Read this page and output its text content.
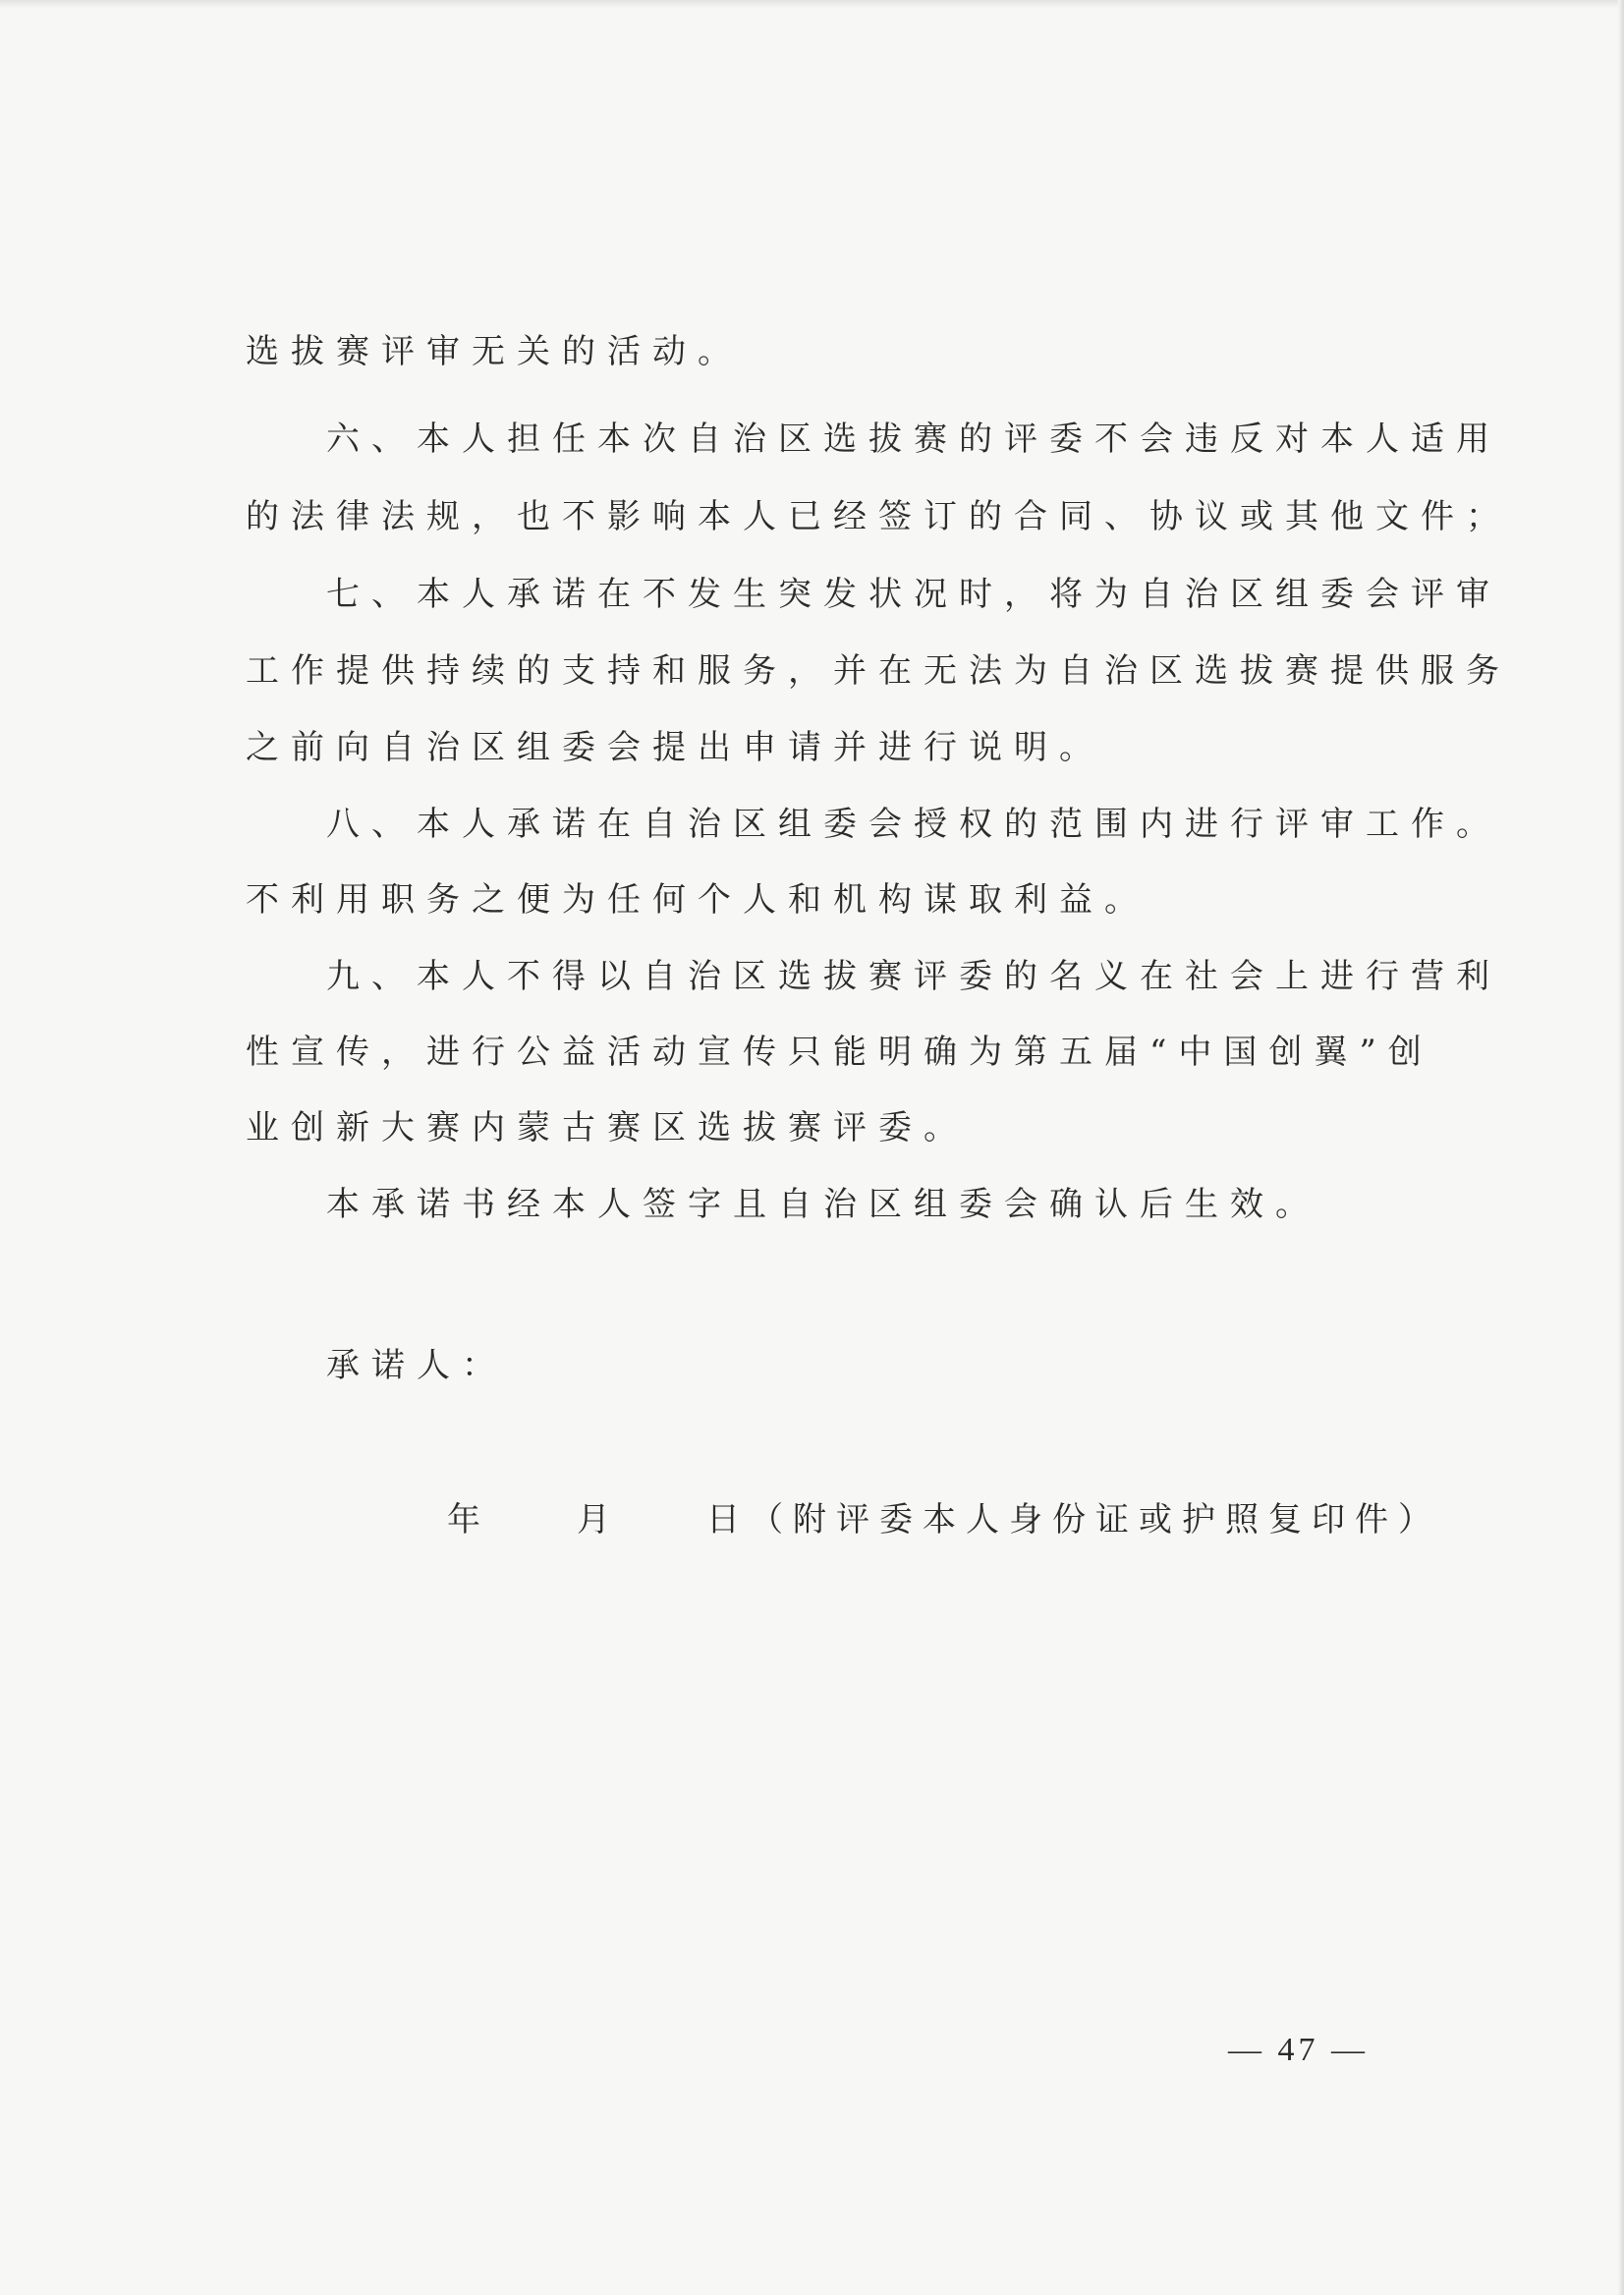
选拔赛评审无关的活动。

六、本人担任本次自治区选拔赛的评委不会违反对本人适用

的法律法规，也不影响本人已经签订的合同、协议或其他文件；

七、本人承诺在不发生突发状况时，将为自治区组委会评审

工作提供持续的支持和服务，并在无法为自治区选拔赛提供服务

之前向自治区组委会提出申请并进行说明。

八、本人承诺在自治区组委会授权的范围内进行评审工作。

不利用职务之便为任何个人和机构谋取利益。

九、本人不得以自治区选拔赛评委的名义在社会上进行营利

性宣传，进行公益活动宣传只能明确为第五届“中国创翼”创

业创新大赛内蒙古赛区选拔赛评委。

本承诺书经本人签字且自治区组委会确认后生效。

承诺人：

年　　月　　日（附评委本人身份证或护照复印件）

— 47 —
